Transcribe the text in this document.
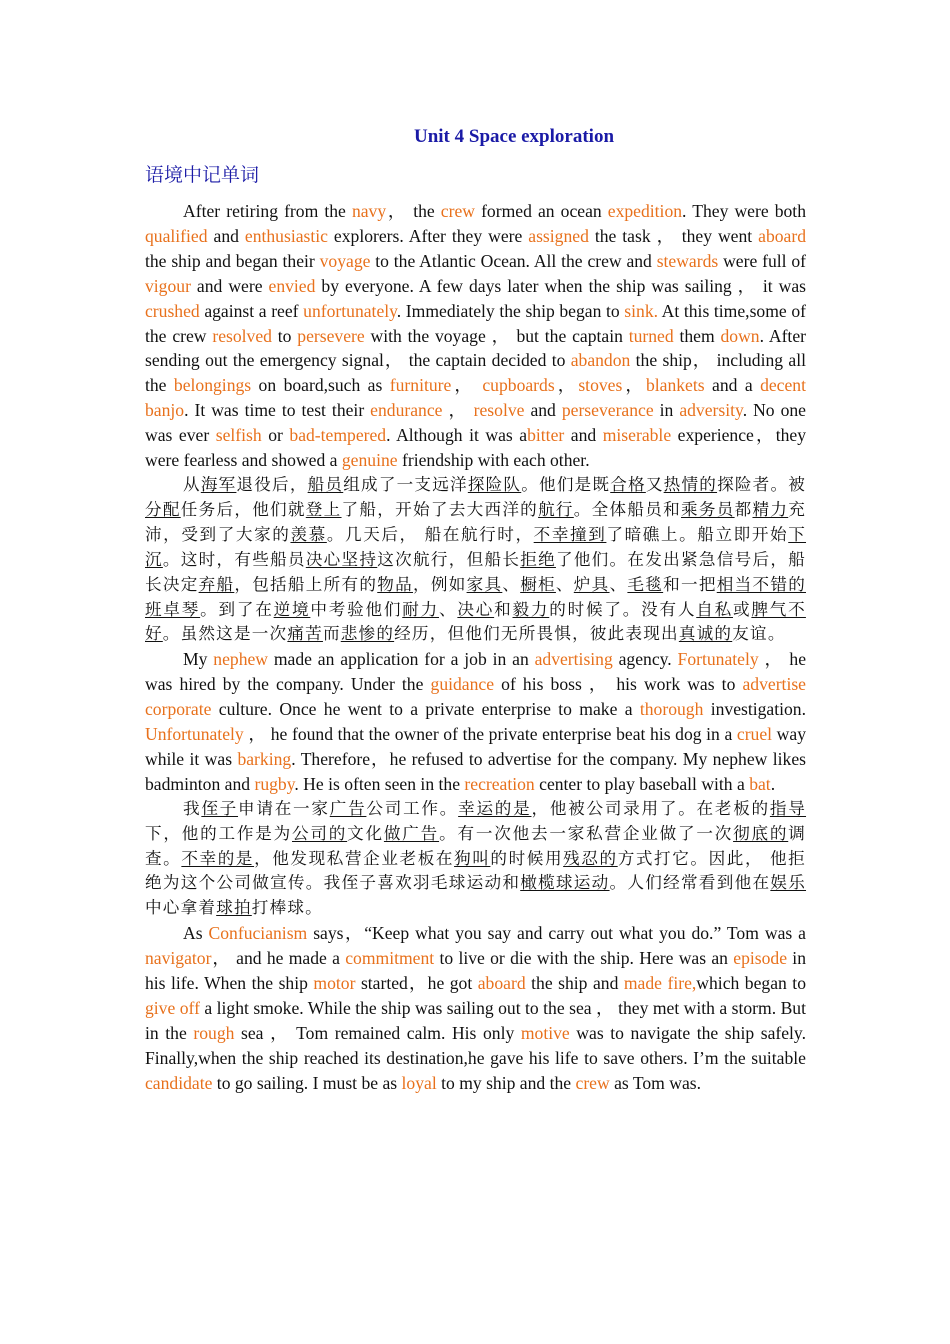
Unit 4 Space exploration
语境中记单词

After retiring from the navy， the crew formed an ocean expedition. They were both qualified and enthusiastic explorers. After they were assigned the task ， they went aboard the ship and began their voyage to the Atlantic Ocean. All the crew and stewards were full of vigour and were envied by everyone. A few days later when the ship was sailing ， it was crushed against a reef unfortunately. Immediately the ship began to sink. At this time,some of the crew resolved to persevere with the voyage ， but the captain turned them down. After sending out the emergency signal， the captain decided to abandon the ship， including all the belongings on board,such as furniture， cupboards，stoves，blankets and a decent banjo. It was time to test their endurance ， resolve and perseverance in adversity. No one was ever selfish or bad-tempered. Although it was abitter and miserable experience，they were fearless and showed a genuine friendship with each other.

从海军退役后，船员组成了一支远洋探险队。他们是既合格又热情的探险者。被分配任务后，他们就登上了船，开始了去大西洋的航行。全体船员和乘务员都精力充沛，受到了大家的羡慕。几天后， 船在航行时，不幸撞到了暗礁上。船立即开始下沉。这时，有些船员决心坚持这次航行，但船长拒绝了他们。在发出紧急信号后，船长决定弃船，包括船上所有的物品，例如家具、橱柜、炉具、毛毯和一把相当不错的班卓琴。到了在逆境中考验他们耐力、决心和毅力的时候了。没有人自私或脾气不好。虽然这是一次痛苦而悲惨的经历，但他们无所畏惧，彼此表现出真诚的友谊。

My nephew made an application for a job in an advertising agency. Fortunately ， he was hired by the company. Under the guidance of his boss ， his work was to advertise corporate culture. Once he went to a private enterprise to make a thorough investigation. Unfortunately ， he found that the owner of the private enterprise beat his dog in a cruel way while it was barking. Therefore，he refused to advertise for the company. My nephew likes badminton and rugby. He is often seen in the recreation center to play baseball with a bat.

我侄子申请在一家广告公司工作。幸运的是，他被公司录用了。在老板的指导下，他的工作是为公司的文化做广告。有一次他去一家私营企业做了一次彻底的调查。不幸的是，他发现私营企业老板在狗叫的时候用残忍的方式打它。因此， 他拒绝为这个公司做宣传。我侄子喜欢羽毛球运动和橄榄球运动。人们经常看到他在娱乐中心拿着球拍打棒球。

As Confucianism says，“Keep what you say and carry out what you do.” Tom was a navigator， and he made a commitment to live or die with the ship. Here was an episode in his life. When the ship motor started，he got aboard the ship and made fire,which began to give off a light smoke. While the ship was sailing out to the sea ， they met with a storm. But in the rough sea ， Tom remained calm. His only motive was to navigate the ship safely. Finally,when the ship reached its destination,he gave his life to save others. I’m the suitable candidate to go sailing. I must be as loyal to my ship and the crew as Tom was.
